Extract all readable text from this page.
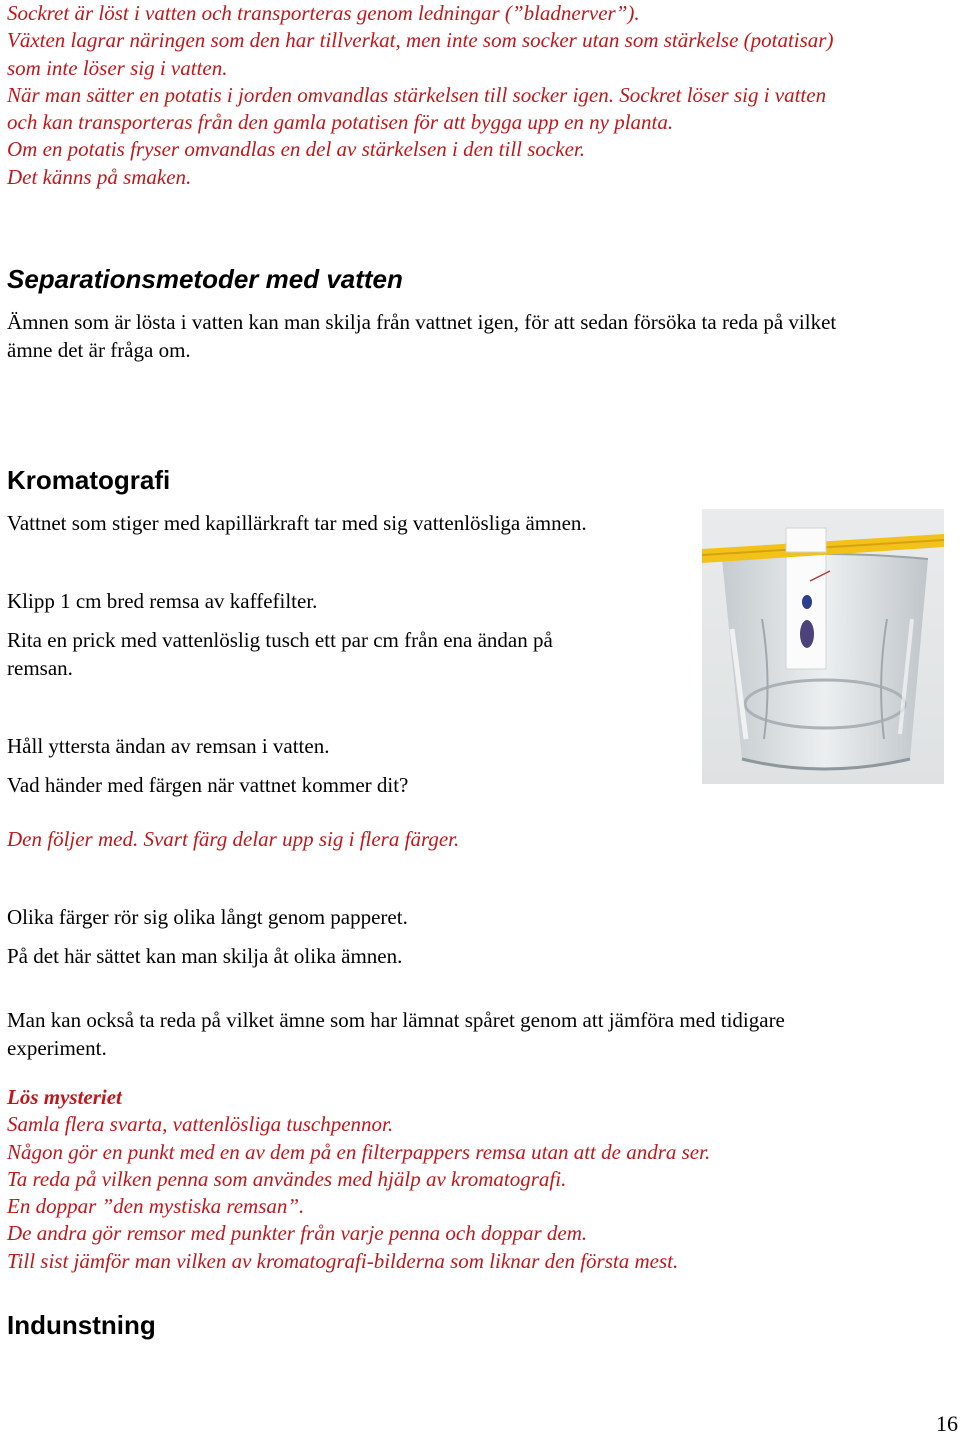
Sockret är löst i vatten och transporteras genom ledningar (”bladnerver”).
Växten lagrar näringen som den har tillverkat, men inte som socker utan som stärkelse (potatisar)
som inte löser sig i vatten.
När man sätter en potatis i jorden omvandlas stärkelsen till socker igen. Sockret löser sig i vatten
och kan transporteras från den gamla potatisen för att bygga upp en ny planta.
Om en potatis fryser omvandlas en del av stärkelsen i den till socker.
Det känns på smaken.
Separationsmetoder med vatten
Ämnen som är lösta i vatten kan man skilja från vattnet igen, för att sedan försöka ta reda på vilket
ämne det är fråga om.
Kromatografi
Vattnet som stiger med kapillärkraft tar med sig vattenlösliga ämnen.
Klipp 1 cm bred remsa av kaffefilter.
Rita en prick med vattenlöslig tusch ett par cm från ena ändan på
remsan.
Håll yttersta ändan av remsan i vatten.
Vad händer med färgen när vattnet kommer dit?
Den följer med. Svart färg delar upp sig i flera färger.
Olika färger rör sig olika långt genom papperet.
På det här sättet kan man skilja åt olika ämnen.
Man kan också ta reda på vilket ämne som har lämnat spåret genom att jämföra med tidigare
experiment.
Lös mysteriet
Samla flera svarta, vattenlösliga tuschpennor.
Någon gör en punkt med en av dem på en filterpappers remsa utan att de andra ser.
Ta reda på vilken penna som användes med hjälp av kromatografi.
En doppar ”den mystiska remsan”.
De andra gör remsor med punkter från varje penna och doppar dem.
Till sist jämför man vilken av kromatografi-bilderna som liknar den första mest.
Indunstning
16
